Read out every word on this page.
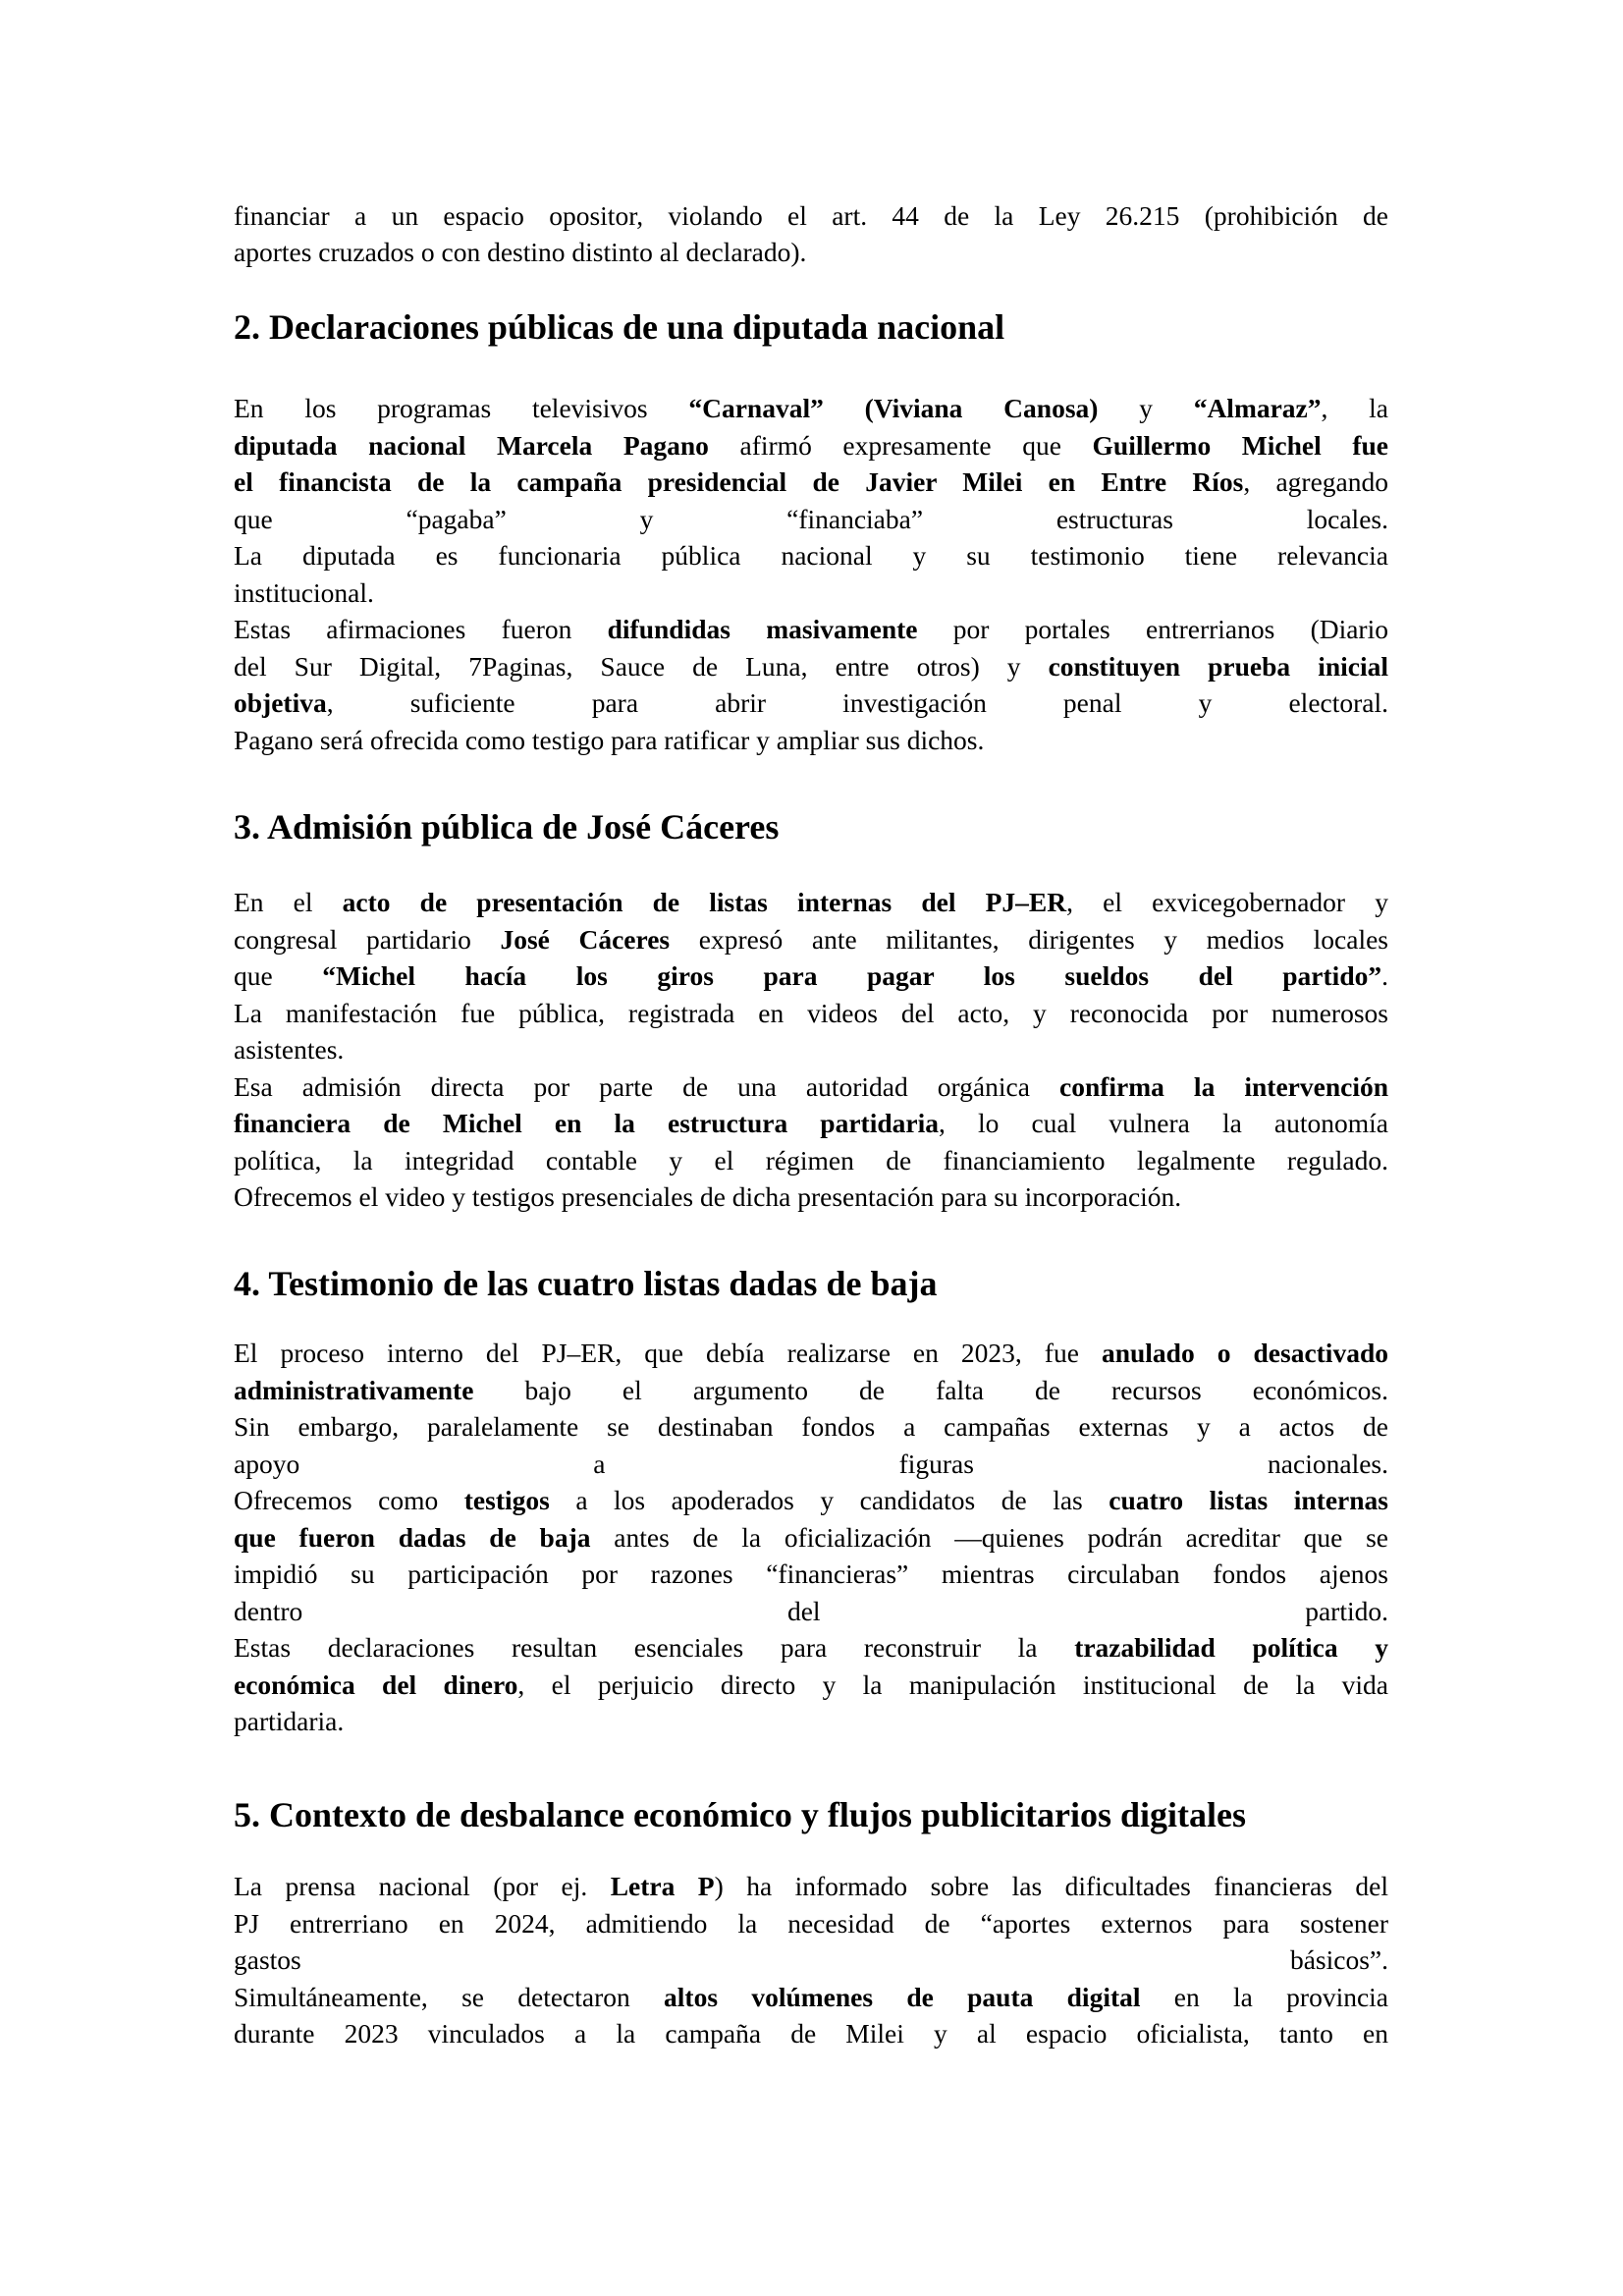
financiar a un espacio opositor, violando el art. 44 de la Ley 26.215 (prohibición de
aportes cruzados o con destino distinto al declarado).
2. Declaraciones públicas de una diputada nacional
En los programas televisivos “Carnaval” (Viviana Canosa) y “Almaraz”, la
diputada nacional Marcela Pagano afirmó expresamente que Guillermo Michel fue
el financista de la campaña presidencial de Javier Milei en Entre Ríos, agregando
que “pagaba” y “financiaba” estructuras locales.
La diputada es funcionaria pública nacional y su testimonio tiene relevancia
institucional.
Estas afirmaciones fueron difundidas masivamente por portales entrerrianos (Diario
del Sur Digital, 7Paginas, Sauce de Luna, entre otros) y constituyen prueba inicial
objetiva, suficiente para abrir investigación penal y electoral.
Pagano será ofrecida como testigo para ratificar y ampliar sus dichos.
3. Admisión pública de José Cáceres
En el acto de presentación de listas internas del PJ–ER, el exvicegobernador y
congresal partidario José Cáceres expresó ante militantes, dirigentes y medios locales
que “Michel hacía los giros para pagar los sueldos del partido”.
La manifestación fue pública, registrada en videos del acto, y reconocida por numerosos
asistentes.
Esa admisión directa por parte de una autoridad orgánica confirma la intervención
financiera de Michel en la estructura partidaria, lo cual vulnera la autonomía
política, la integridad contable y el régimen de financiamiento legalmente regulado.
Ofrecemos el video y testigos presenciales de dicha presentación para su incorporación.
4. Testimonio de las cuatro listas dadas de baja
El proceso interno del PJ–ER, que debía realizarse en 2023, fue anulado o desactivado
administrativamente bajo el argumento de falta de recursos económicos.
Sin embargo, paralelamente se destinaban fondos a campañas externas y a actos de
apoyo a figuras nacionales.
Ofrecemos como testigos a los apoderados y candidatos de las cuatro listas internas
que fueron dadas de baja antes de la oficialización —quienes podrán acreditar que se
impidió su participación por razones “financieras” mientras circulaban fondos ajenos
dentro del partido.
Estas declaraciones resultan esenciales para reconstruir la trazabilidad política y
económica del dinero, el perjuicio directo y la manipulación institucional de la vida
partidaria.
5. Contexto de desbalance económico y flujos publicitarios digitales
La prensa nacional (por ej. Letra P) ha informado sobre las dificultades financieras del
PJ entrerriano en 2024, admitiendo la necesidad de “aportes externos para sostener
gastos básicos”.
Simultáneamente, se detectaron altos volúmenes de pauta digital en la provincia
durante 2023 vinculados a la campaña de Milei y al espacio oficialista, tanto en
